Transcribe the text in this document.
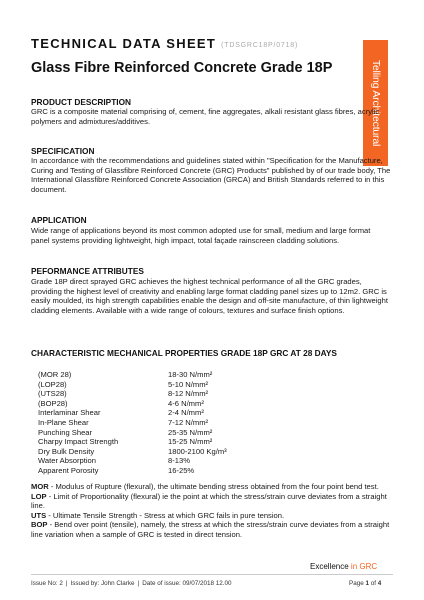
TECHNICAL DATA SHEET (TDSGRC18P/0718)
Glass Fibre Reinforced Concrete Grade 18P	Telling Architectural
PRODUCT DESCRIPTION
GRC is a composite material comprising of, cement, fine aggregates, alkali resistant glass fibres, acrylic polymers and admixtures/additives.
SPECIFICATION
In accordance with the recommendations and guidelines stated within "Specification for the Manufacture, Curing and Testing of Glassfibre Reinforced Concrete (GRC) Products" published by of our trade body, The International Glassfibre Reinforced Concrete Association (GRCA) and British Standards referred to in this document.
APPLICATION
Wide range of applications beyond its most common adopted use for small, medium and large format panel systems providing lightweight, high impact, total façade rainscreen cladding solutions.
PEFORMANCE ATTRIBUTES
Grade 18P direct sprayed GRC achieves the highest technical performance of all the GRC grades, providing the highest level of creativity and enabling large format cladding panel sizes up to 12m2. GRC is easily moulded, its high strength capabilities enable the design and off-site manufacture, of thin lightweight cladding elements. Available with a wide range of colours, textures and surface finish options.
CHARACTERISTIC MECHANICAL PROPERTIES GRADE 18P GRC AT 28 DAYS
(MOR 28)	18-30 N/mm²
(LOP28)	5-10 N/mm²
(UTS28)	8-12 N/mm²
(BOP28)	4-6 N/mm²
Interlaminar Shear	2-4 N/mm²
In-Plane Shear	7-12 N/mm²
Punching Shear	25-35 N/mm²
Charpy Impact Strength	15-25 N/mm²
Dry Bulk Density	1800-2100 Kg/m³
Water Absorption	8-13%
Apparent Porosity	16-25%
MOR - Modulus of Rupture (flexural), the ultimate bending stress obtained from the four point bend test.
LOP - Limit of Proportionality (flexural) ie the point at which the stress/strain curve deviates from a straight line.
UTS - Ultimate Tensile Strength - Stress at which GRC fails in pure tension.
BOP - Bend over point (tensile), namely, the stress at which the stress/strain curve deviates from a straight line variation when a sample of GRC is tested in direct tension.
Excellence in GRC
Issue No: 2 | Issued by: John Clarke | Date of issue: 09/07/2018 12.00	Page 1 of 4
